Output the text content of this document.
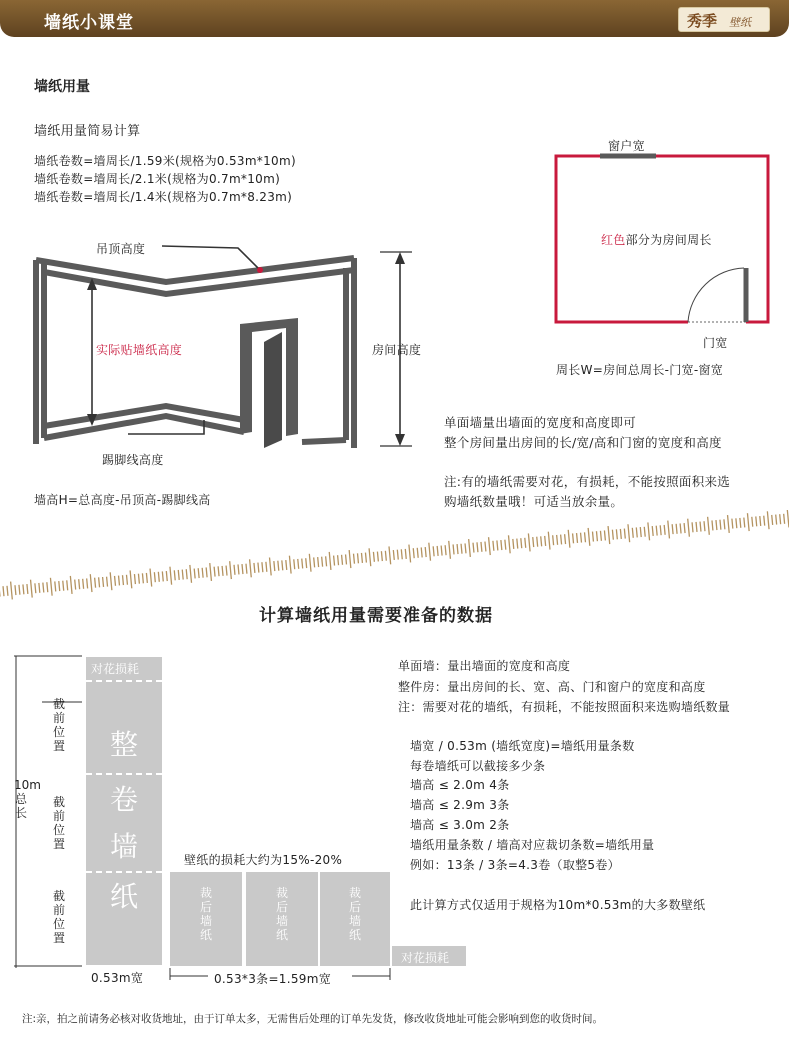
墙纸小课堂	秀季 壁纸
墙纸用量
墙纸用量简易计算
墙纸卷数=墙周长/1.59米(规格为0.53m*10m)
墙纸卷数=墙周长/2.1米(规格为0.7m*10m)
墙纸卷数=墙周长/1.4米(规格为0.7m*8.23m)
吊顶高度
实际贴墙纸高度	房间高度
踢脚线高度
墙高H=总高度-吊顶高-踢脚线高
窗户宽
红色部分为房间周长
门宽
周长W=房间总周长-门宽-窗宽
单面墙量出墙面的宽度和高度即可
整个房间量出房间的长/宽/高和门窗的宽度和高度
注:有的墙纸需要对花，有损耗，不能按照面积来选
购墙纸数量哦！可适当放余量。
计算墙纸用量需要准备的数据
10m总长
截前位置
截前位置
截前位置
对花损耗
整
卷
墙
纸
0.53m宽
壁纸的损耗大约为15%-20%
裁后墙纸
裁后墙纸
裁后墙纸
对花损耗
0.53*3条=1.59m宽
单面墙：量出墙面的宽度和高度
整件房：量出房间的长、宽、高、门和窗户的宽度和高度
注：需要对花的墙纸，有损耗，不能按照面积来选购墙纸数量
墙宽 / 0.53m (墙纸宽度)=墙纸用量条数
每卷墙纸可以截接多少条
墙高 ≤ 2.0m 4条
墙高 ≤ 2.9m 3条
墙高 ≤ 3.0m 2条
墙纸用量条数 / 墙高对应裁切条数=墙纸用量
例如：13条 / 3条=4.3卷（取整5卷）
此计算方式仅适用于规格为10m*0.53m的大多数壁纸
注:亲，拍之前请务必核对收货地址，由于订单太多，无需售后处理的订单先发货，修改收货地址可能会影响到您的收货时间。
